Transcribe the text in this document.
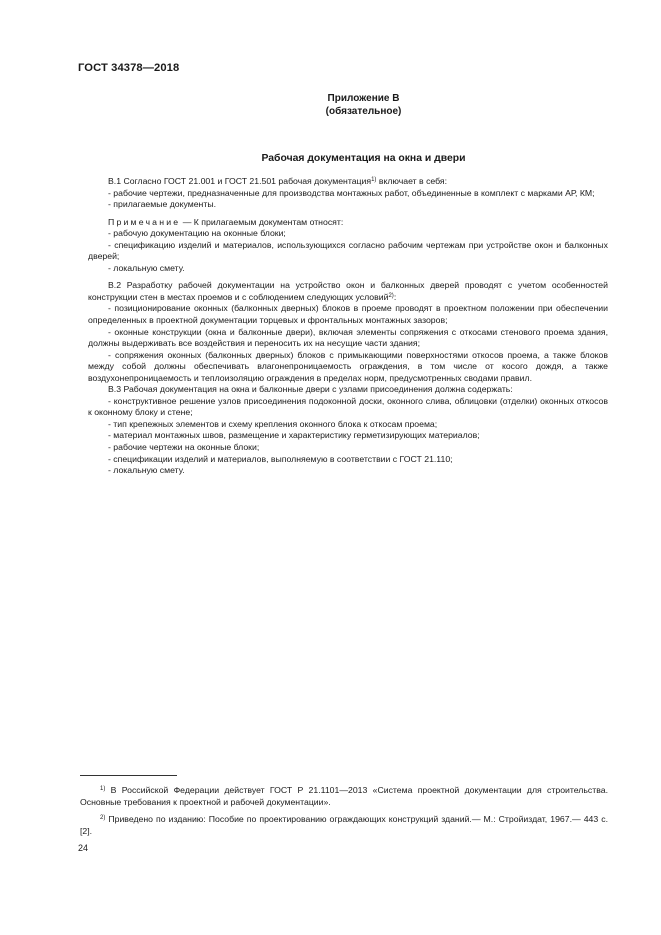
ГОСТ 34378—2018
Приложение В
(обязательное)
Рабочая документация на окна и двери

В.1 Согласно ГОСТ 21.001 и ГОСТ 21.501 рабочая документация$^{1)}$ включает в себя:

- рабочие чертежи, предназначенные для производства монтажных работ, объединенные в комплект с марками АР, КМ;

- прилагаемые документы.

Примечание — К прилагаемым документам относят:

- рабочую документацию на оконные блоки;

- спецификацию изделий и материалов, использующихся согласно рабочим чертежам при устройстве окон и балконных дверей;

- локальную смету.

В.2 Разработку рабочей документации на устройство окон и балконных дверей проводят с учетом особенностей конструкции стен в местах проемов и с соблюдением следующих условий$^{2)}$:

- позиционирование оконных (балконных дверных) блоков в проеме проводят в проектном положении при обеспечении определенных в проектной документации торцевых и фронтальных монтажных зазоров;

- оконные конструкции (окна и балконные двери), включая элементы сопряжения с откосами стенового проема здания, должны выдерживать все воздействия и переносить их на несущие части здания;

- сопряжения оконных (балконных дверных) блоков с примыкающими поверхностями откосов проема, а также блоков между собой должны обеспечивать влагонепроницаемость ограждения, в том числе от косого дождя, а также воздухонепроницаемость и теплоизоляцию ограждения в пределах норм, предусмотренных сводами правил.

В.3 Рабочая документация на окна и балконные двери с узлами присоединения должна содержать:

- конструктивное решение узлов присоединения подоконной доски, оконного слива, облицовки (отделки) оконных откосов к оконному блоку и стене;

- тип крепежных элементов и схему крепления оконного блока к откосам проема;

- материал монтажных швов, размещение и характеристику герметизирующих материалов;

- рабочие чертежи на оконные блоки;

- спецификации изделий и материалов, выполняемую в соответствии с ГОСТ 21.110;

- локальную смету.

$^{1)}$ В Российской Федерации действует ГОСТ Р 21.1101—2013 «Система проектной документации для строительства. Основные требования к проектной и рабочей документации».

$^{2)}$ Приведено по изданию: Пособие по проектированию ограждающих конструкций зданий.— М.: Стройиздат, 1967.— 443 с.[2].

24
